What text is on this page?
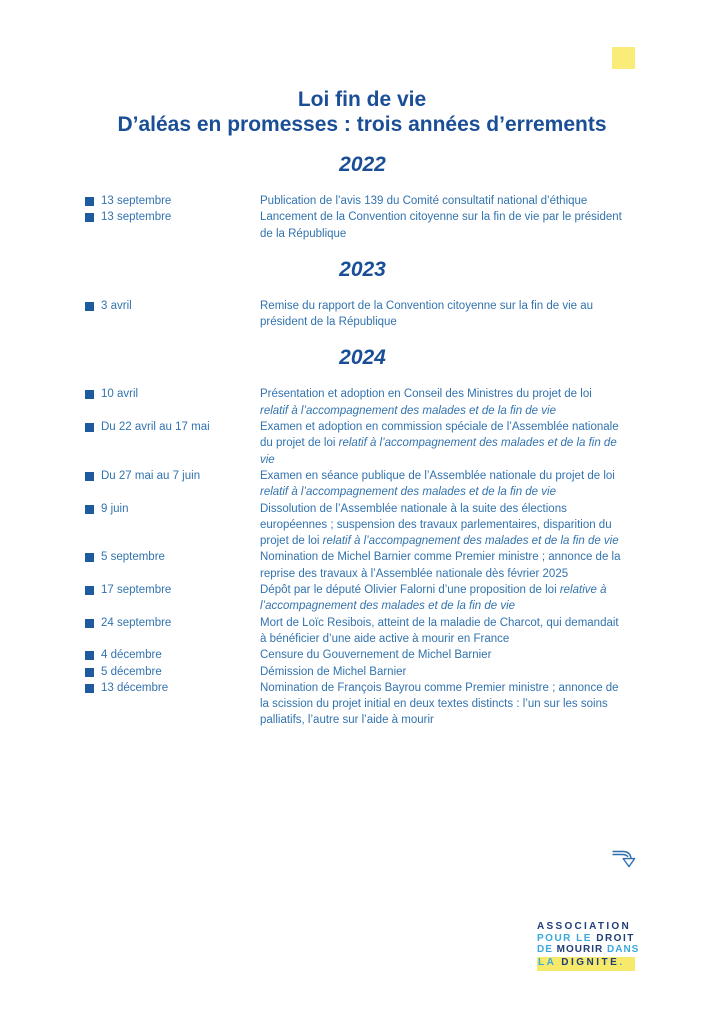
Loi fin de vie
D’aléas en promesses : trois années d’errements
2022
13 septembre	Publication de l’avis 139 du Comité consultatif national d’éthique
13 septembre	Lancement de la Convention citoyenne sur la fin de vie par le président de la République
2023
3 avril	Remise du rapport de la Convention citoyenne sur la fin de vie au président de la République
2024
10 avril	Présentation et adoption en Conseil des Ministres du projet de loi relatif à l’accompagnement des malades et de la fin de vie
Du 22 avril au 17 mai	Examen et adoption en commission spéciale de l’Assemblée nationale du projet de loi relatif à l’accompagnement des malades et de la fin de vie
Du 27 mai au 7 juin	Examen en séance publique de l’Assemblée nationale du projet de loi relatif à l’accompagnement des malades et de la fin de vie
9 juin	Dissolution de l’Assemblée nationale à la suite des élections européennes ; suspension des travaux parlementaires, disparition du projet de loi relatif à l’accompagnement des malades et de la fin de vie
5 septembre	Nomination de Michel Barnier comme Premier ministre ; annonce de la reprise des travaux à l’Assemblée nationale dès février 2025
17 septembre	Dépôt par le député Olivier Falorni d’une proposition de loi relative à l’accompagnement des malades et de la fin de vie
24 septembre	Mort de Loïc Resibois, atteint de la maladie de Charcot, qui demandait à bénéficier d’une aide active à mourir en France
4 décembre	Censure du Gouvernement de Michel Barnier
5 décembre	Démission de Michel Barnier
13 décembre	Nomination de François Bayrou comme Premier ministre ; annonce de la scission du projet initial en deux textes distincts : l’un sur les soins palliatifs, l’autre sur l’aide à mourir
ASSOCIATION
POUR LE DROIT
DE MOURIR DANS
LA DIGNITE.
